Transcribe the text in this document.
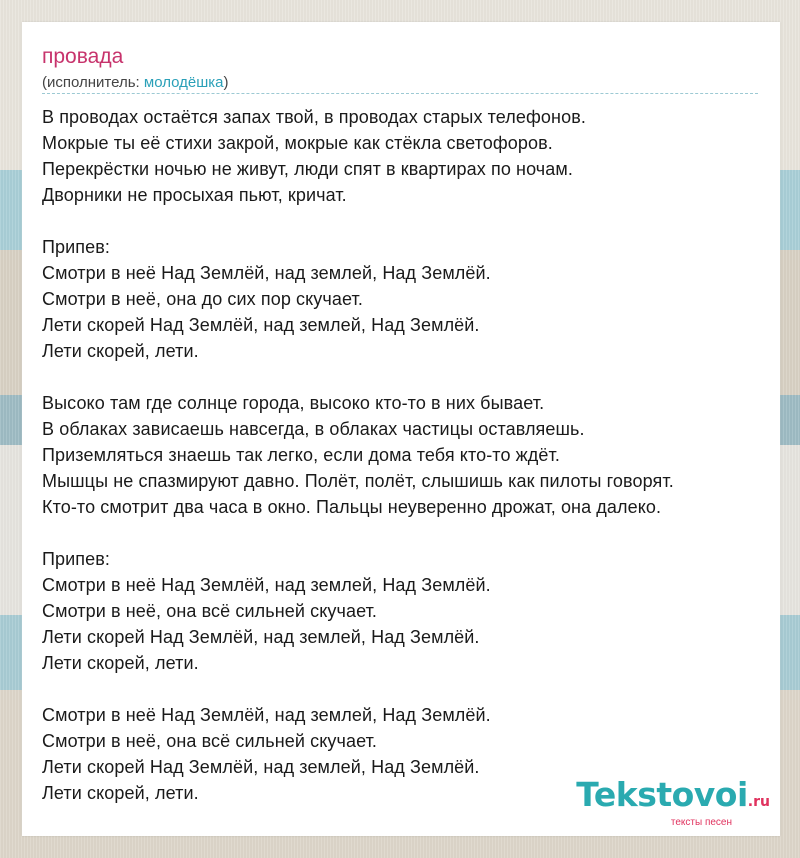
провада
(исполнитель: молодёшка)
В проводах остаётся запах твой, в проводах старых телефонов.
Мокрые ты её стихи закрой, мокрые как стёкла светофоров.
Перекрёстки ночью не живут, люди спят в квартирах по ночам.
Дворники не просыхая пьют, кричат.
Припев:
Смотри в неё Над Землёй, над землей, Над Землёй.
Смотри в неё, она до сих пор скучает.
Лети скорей Над Землёй, над землей, Над Землёй.
Лети скорей, лети.
Высоко там где солнце города, высоко кто-то в них бывает.
В облаках зависаешь навсегда, в облаках частицы оставляешь.
Приземляться знаешь так легко, если дома тебя кто-то ждёт.
Мышцы не спазмируют давно. Полёт, полёт, слышишь как пилоты говорят.
Кто-то смотрит два часа в окно. Пальцы неуверенно дрожат, она далеко.
Припев:
Смотри в неё Над Землёй, над землей, Над Землёй.
Смотри в неё, она всё сильней скучает.
Лети скорей Над Землёй, над землей, Над Землёй.
Лети скорей, лети.
Смотри в неё Над Землёй, над землей, Над Землёй.
Смотри в неё, она всё сильней скучает.
Лети скорей Над Землёй, над землей, Над Землёй.
Лети скорей, лети.	Tekstovoi.ru
тексты песен
